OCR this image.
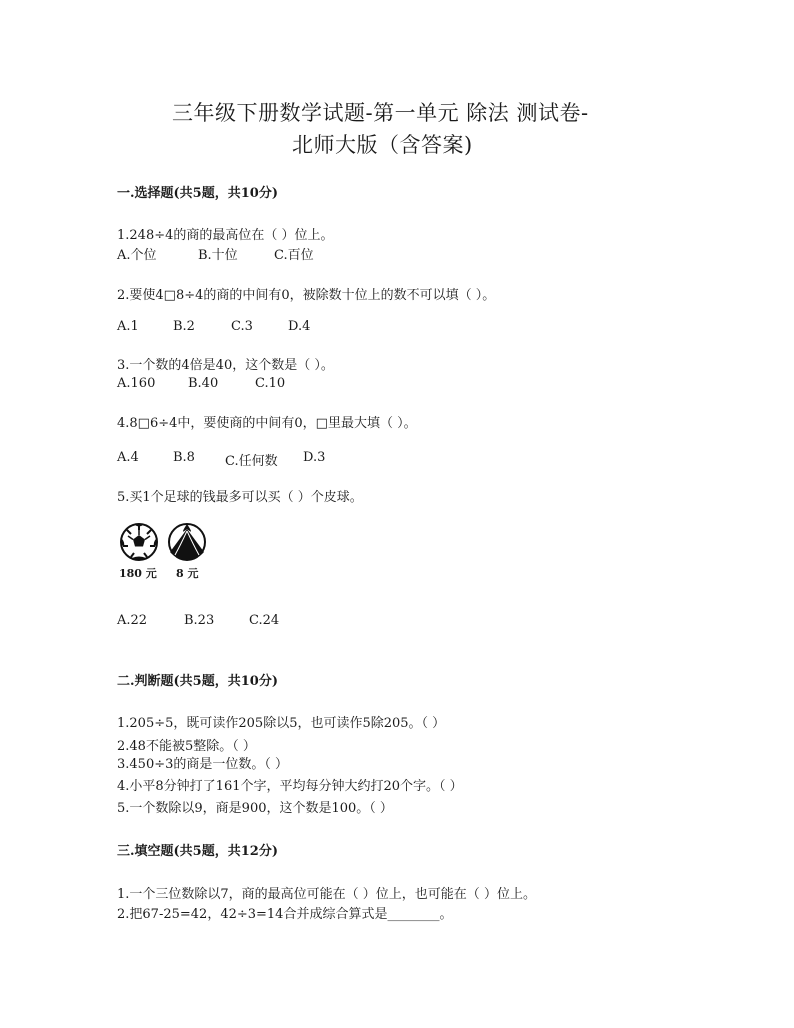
三年级下册数学试题-第一单元 除法 测试卷-
北师大版（含答案)
一.选择题(共5题，共10分)
1.248÷4的商的最高位在（ ）位上。
A.个位	B.十位	C.百位
2.要使4□8÷4的商的中间有0，被除数十位上的数不可以填（ ）。
A.1	B.2	C.3	D.4
3.一个数的4倍是40，这个数是（ ）。
A.160	B.40	C.10
4.8□6÷4中，要使商的中间有0，□里最大填（ ）。
A.4	B.8 C.任何数 D.3
5.买1个足球的钱最多可以买（ ）个皮球。
180 元 8 元
A.22	B.23	C.24
二.判断题(共5题，共10分)
1.205÷5，既可读作205除以5，也可读作5除205。（ ）
2.48不能被5整除。（ ）
3.450÷3的商是一位数。（ ）
4.小平8分钟打了161个字，平均每分钟大约打20个字。（ ）
5.一个数除以9，商是900，这个数是100。（ ）
三.填空题(共5题，共12分)
1.一个三位数除以7，商的最高位可能在（ ）位上，也可能在（ ）位上。
2.把67-25=42，42÷3=14合并成综合算式是________。
